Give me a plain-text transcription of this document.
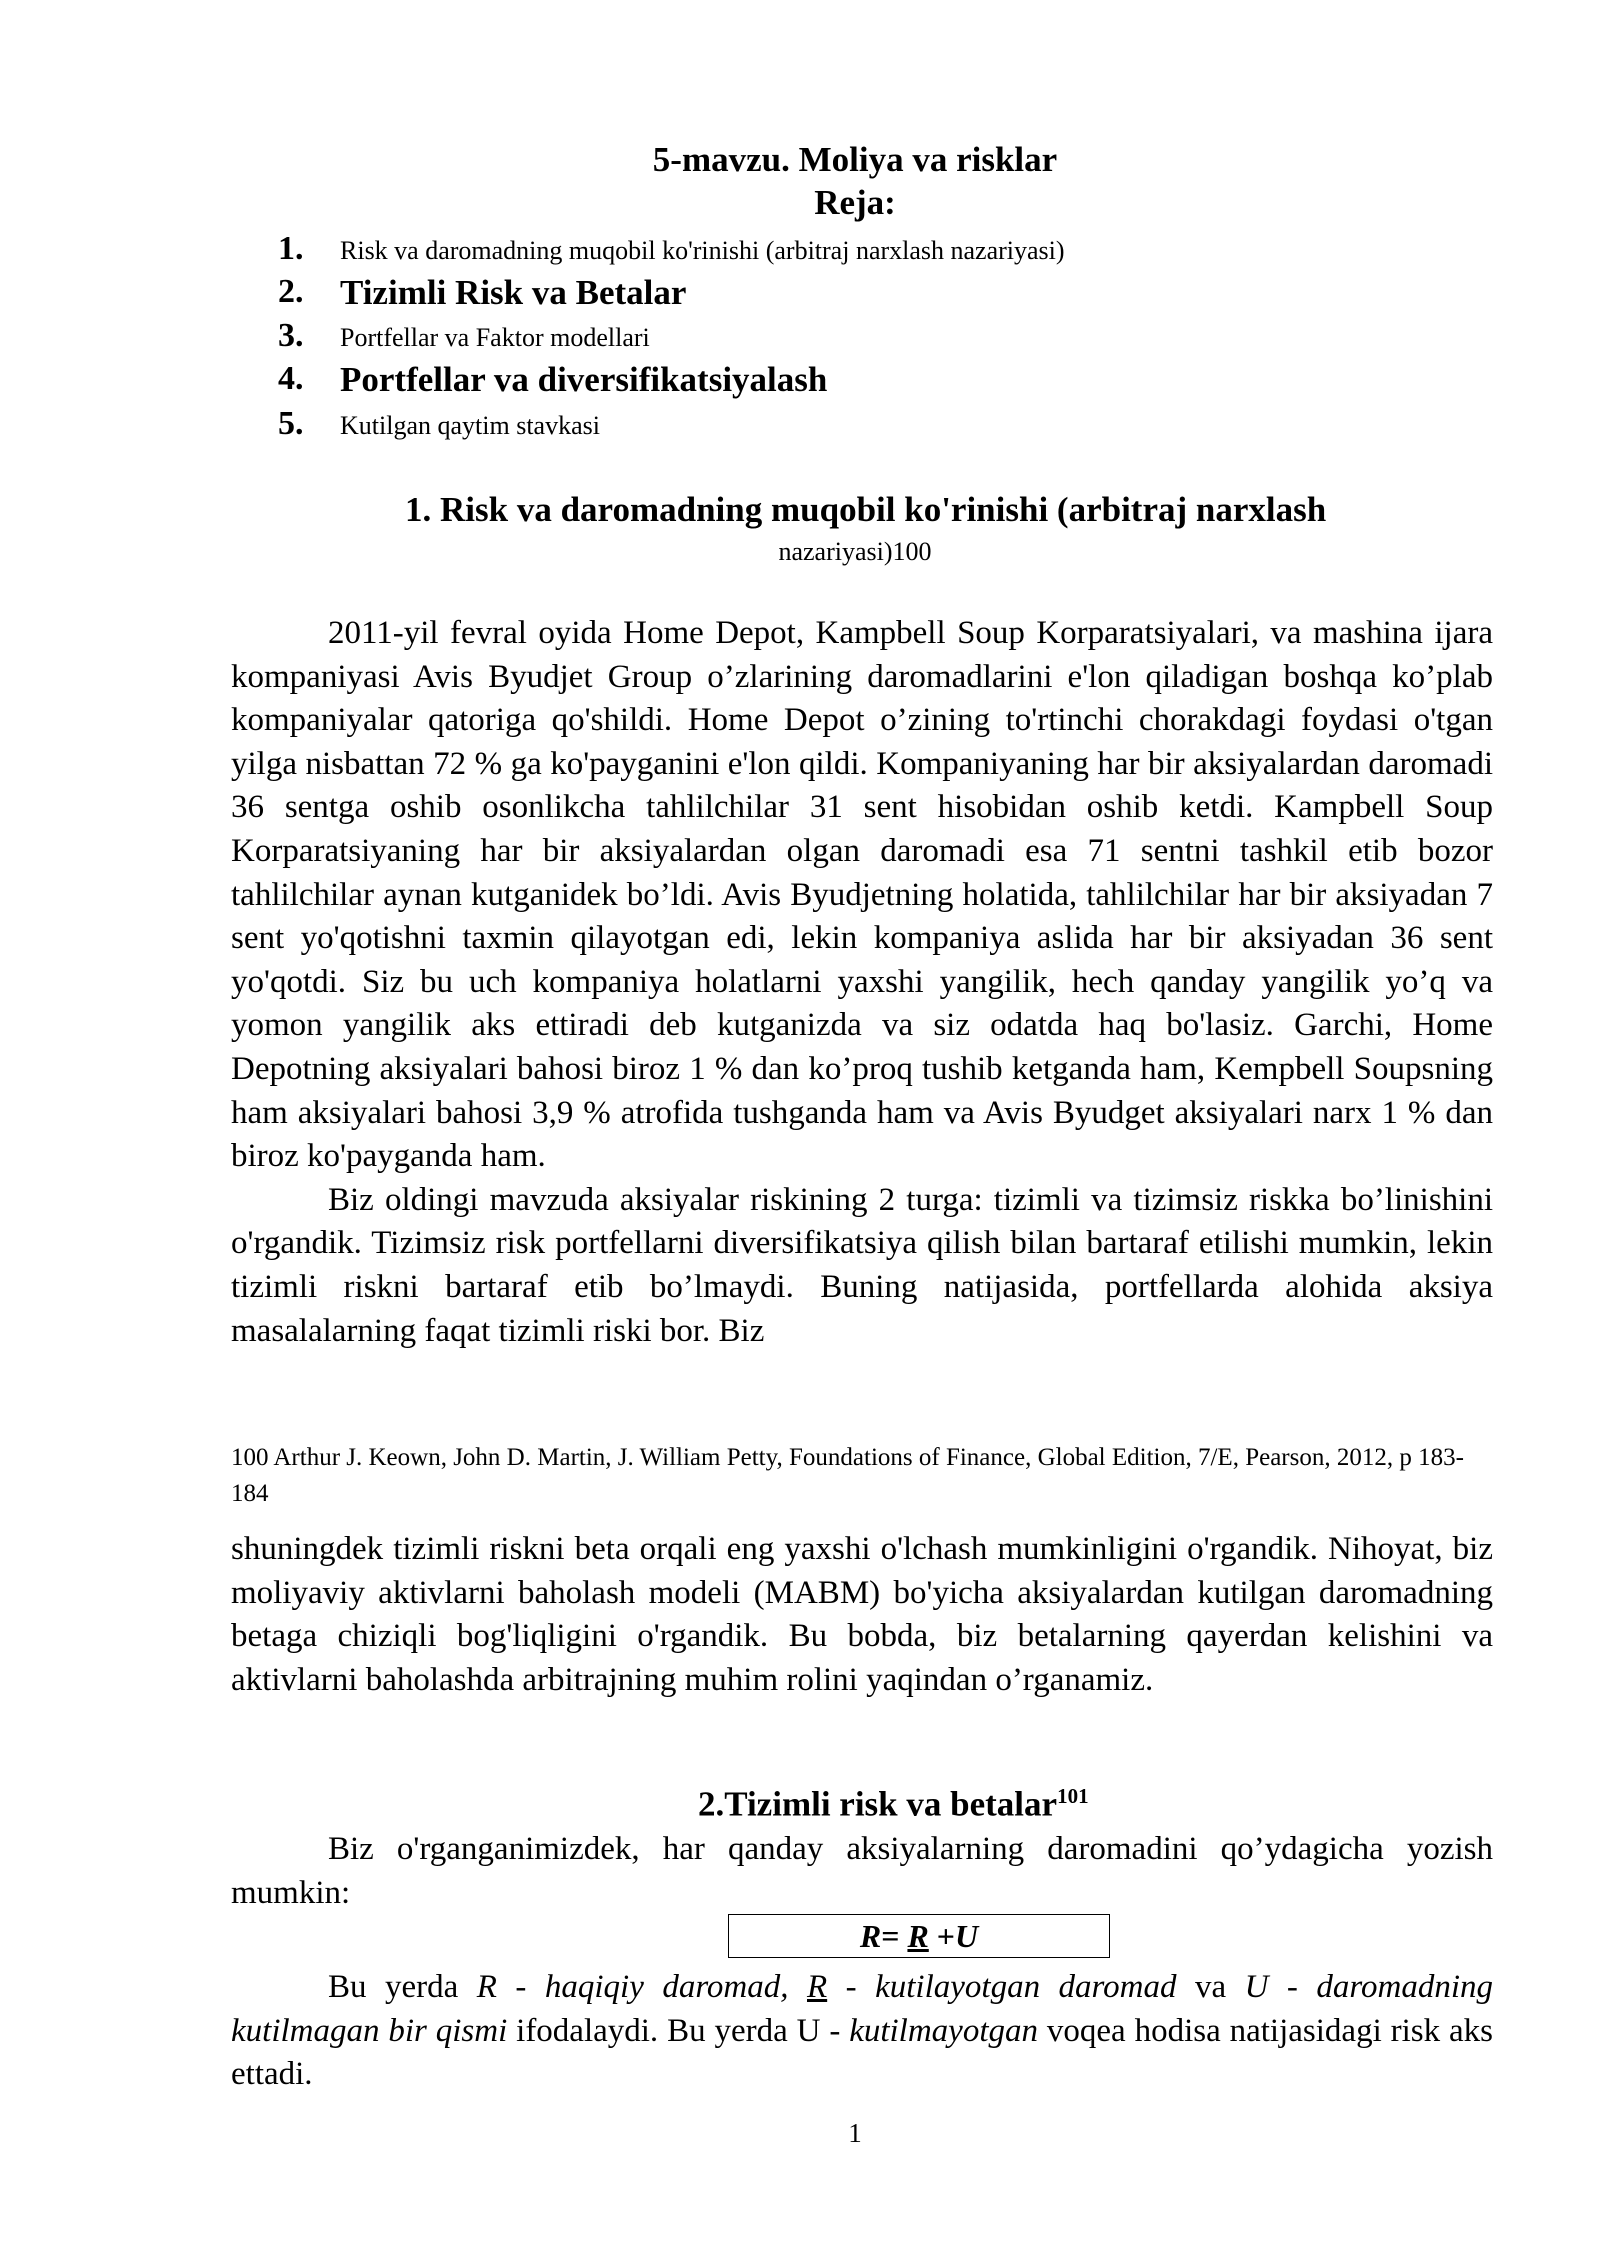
5-mavzu. Moliya va risklar
Reja:
1.	Risk va daromadning muqobil ko'rinishi (arbitraj narxlash nazariyasi)
2.	Tizimli Risk va Betalar
3.	Portfellar va Faktor modellari
4.	Portfellar va diversifikatsiyalash
5.	Kutilgan qaytim stavkasi
1. Risk va daromadning muqobil ko'rinishi (arbitraj narxlash
nazariyasi)100

2011-yil fevral oyida Home Depot, Kampbell Soup Korparatsiyalari, va mashina ijara kompaniyasi Avis Byudjet Group o’zlarining daromadlarini e'lon qiladigan boshqa ko’plab kompaniyalar qatoriga qo'shildi. Home Depot o’zining to'rtinchi chorakdagi foydasi o'tgan yilga nisbattan 72 % ga ko'payganini e'lon qildi. Kompaniyaning har bir aksiyalardan daromadi 36 sentga oshib osonlikcha tahlilchilar 31 sent hisobidan oshib ketdi. Kampbell Soup Korparatsiyaning har bir aksiyalardan olgan daromadi esa 71 sentni tashkil etib bozor tahlilchilar aynan kutganidek bo’ldi. Avis Byudjetning holatida, tahlilchilar har bir aksiyadan 7 sent yo'qotishni taxmin qilayotgan edi, lekin kompaniya aslida har bir aksiyadan 36 sent yo'qotdi. Siz bu uch kompaniya holatlarni yaxshi yangilik, hech qanday yangilik yo’q va yomon yangilik aks ettiradi deb kutganizda va siz odatda haq bo'lasiz. Garchi, Home Depotning aksiyalari bahosi biroz 1 % dan ko’proq tushib ketganda ham, Kempbell Soupsning ham aksiyalari bahosi 3,9 % atrofida tushganda ham va Avis Byudget aksiyalari narx 1 % dan biroz ko'payganda ham.

Biz oldingi mavzuda aksiyalar riskining 2 turga: tizimli va tizimsiz riskka bo’linishini o'rgandik. Tizimsiz risk portfellarni diversifikatsiya qilish bilan bartaraf etilishi mumkin, lekin tizimli riskni bartaraf etib bo’lmaydi. Buning natijasida, portfellarda alohida aksiya masalalarning faqat tizimli riski bor. Biz

100 Arthur J. Keown, John D. Martin, J. William Petty, Foundations of Finance, Global Edition, 7/E, Pearson, 2012, p 183-184

shuningdek tizimli riskni beta orqali eng yaxshi o'lchash mumkinligini o'rgandik. Nihoyat, biz moliyaviy aktivlarni baholash modeli (MABM) bo'yicha aksiyalardan kutilgan daromadning betaga chiziqli bog'liqligini o'rgandik. Bu bobda, biz betalarning qayerdan kelishini va aktivlarni baholashda arbitrajning muhim rolini yaqindan o’rganamiz.

2.Tizimli risk va betalar$^{101}$

Biz o'rganganimizdek, har qanday aksiyalarning daromadini qo’ydagicha yozish mumkin:

R= R +U

Bu yerda R - haqiqiy daromad, R - kutilayotgan daromad va U - daromadning kutilmagan bir qismi ifodalaydi. Bu yerda U - kutilmayotgan voqea hodisa natijasidagi risk aks ettadi.

1
